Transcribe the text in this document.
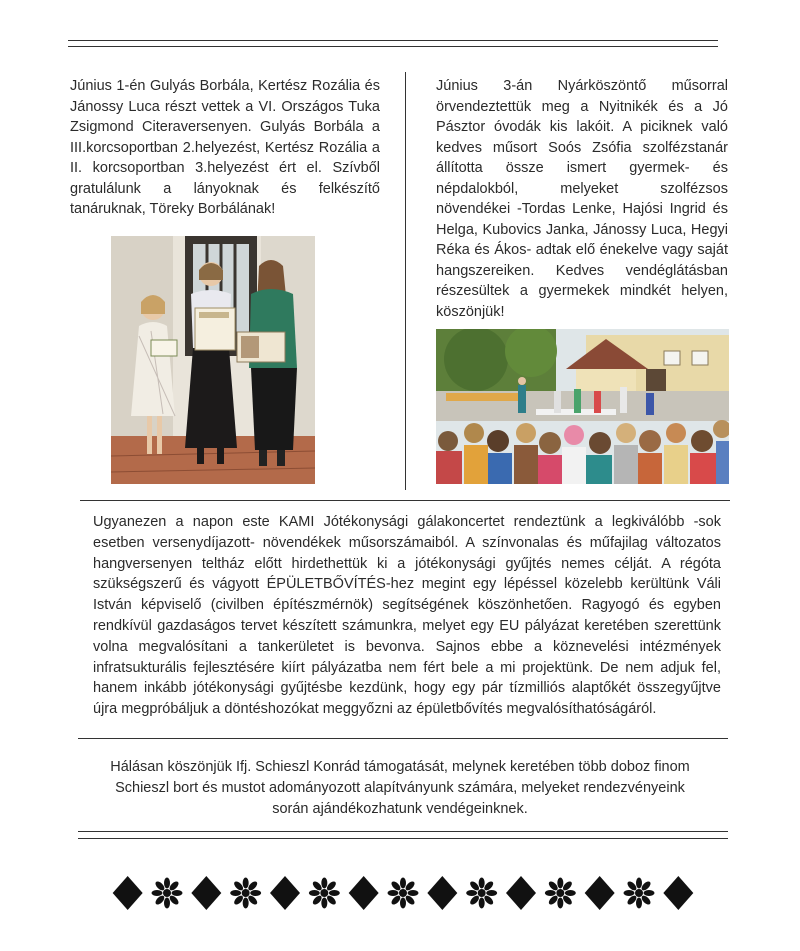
Június 1-én Gulyás Borbála, Kertész Rozália és Jánossy Luca részt vettek a VI. Országos Tuka Zsigmond Citeraversenyen. Gulyás Borbála a III.korcsoportban 2.helyezést, Kertész Rozália a II. korcsoportban 3.helyezést ért el. Szívből gratulálunk a lányoknak és felkészítő tanáruknak, Töreky Borbálának!

Június 3-án Nyárköszöntő műsorral örvendeztettük meg a Nyitnikék és a Jó Pásztor óvodák kis lakóit. A piciknek való kedves műsort Soós Zsófia szolfézstanár állította össze ismert gyermek- és népdalokból, melyeket szolfézsos növendékei -Tordas Lenke, Hajósi Ingrid és Helga, Kubovics Janka, Jánossy Luca, Hegyi Réka és Ákos- adtak elő énekelve vagy saját hangszereiken. Kedves vendéglátásban részesültek a gyermekek mindkét helyen, köszönjük!

Ugyanezen a napon este KAMI Jótékonysági gálakoncertet rendeztünk a legkiválóbb -sok esetben versenydíjazott- növendékek műsorszámaiból. A színvonalas és műfajilag változatos hangversenyen teltház előtt hirdethettük ki a jótékonysági gyűjtés nemes célját. A régóta szükségszerű és vágyott ÉPÜLETBŐVÍTÉS-hez megint egy lépéssel közelebb kerültünk Váli István képviselő (civilben építészmérnök) segítségének köszönhetően. Ragyogó és egyben rendkívül gazdaságos tervet készített számunkra, melyet egy EU pályázat keretében szerettünk volna megvalósítani a tankerületet is bevonva. Sajnos ebbe a köznevelési intézmények infratsukturális fejlesztésére kiírt pályázatba nem fért bele a mi projektünk. De nem adjuk fel, hanem inkább jótékonysági gyűjtésbe kezdünk, hogy egy pár tízmilliós alaptőkét összegyűjtve újra megpróbáljuk a döntéshozókat meggyőzni az épületbővítés megvalósíthatóságáról.

Hálásan köszönjük Ifj. Schieszl Konrád támogatását, melynek keretében több doboz finom Schieszl bort és mustot adományozott alapítványunk számára, melyeket rendezvényeink során ajándékozhatunk vendégeinknek.
